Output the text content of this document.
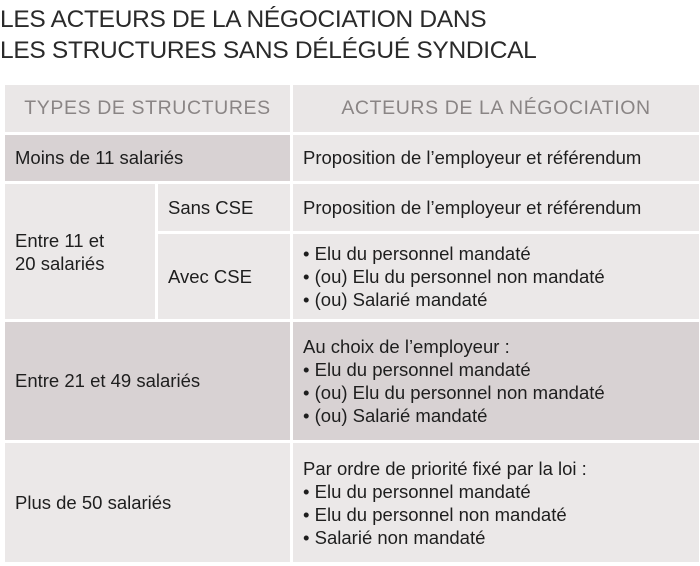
LES ACTEURS DE LA NÉGOCIATION DANS
LES STRUCTURES SANS DÉLÉGUÉ SYNDICAL
TYPES DE STRUCTURES		ACTEURS DE LA NÉGOCIATION
Moins de 11 salariés		Proposition de l’employeur et référendum

Entre 11 et
20 salariés	Sans CSE	Proposition de l’employeur et référendum
	Avec CSE	• Elu du personnel mandaté
• (ou) Elu du personnel non mandaté
• (ou) Salarié mandaté

Entre 21 et 49 salariés		Au choix de l’employeur :
• Elu du personnel mandaté
• (ou) Elu du personnel non mandaté
• (ou) Salarié mandaté

Plus de 50 salariés		Par ordre de priorité fixé par la loi :
• Elu du personnel mandaté
• Elu du personnel non mandaté
• Salarié non mandaté
